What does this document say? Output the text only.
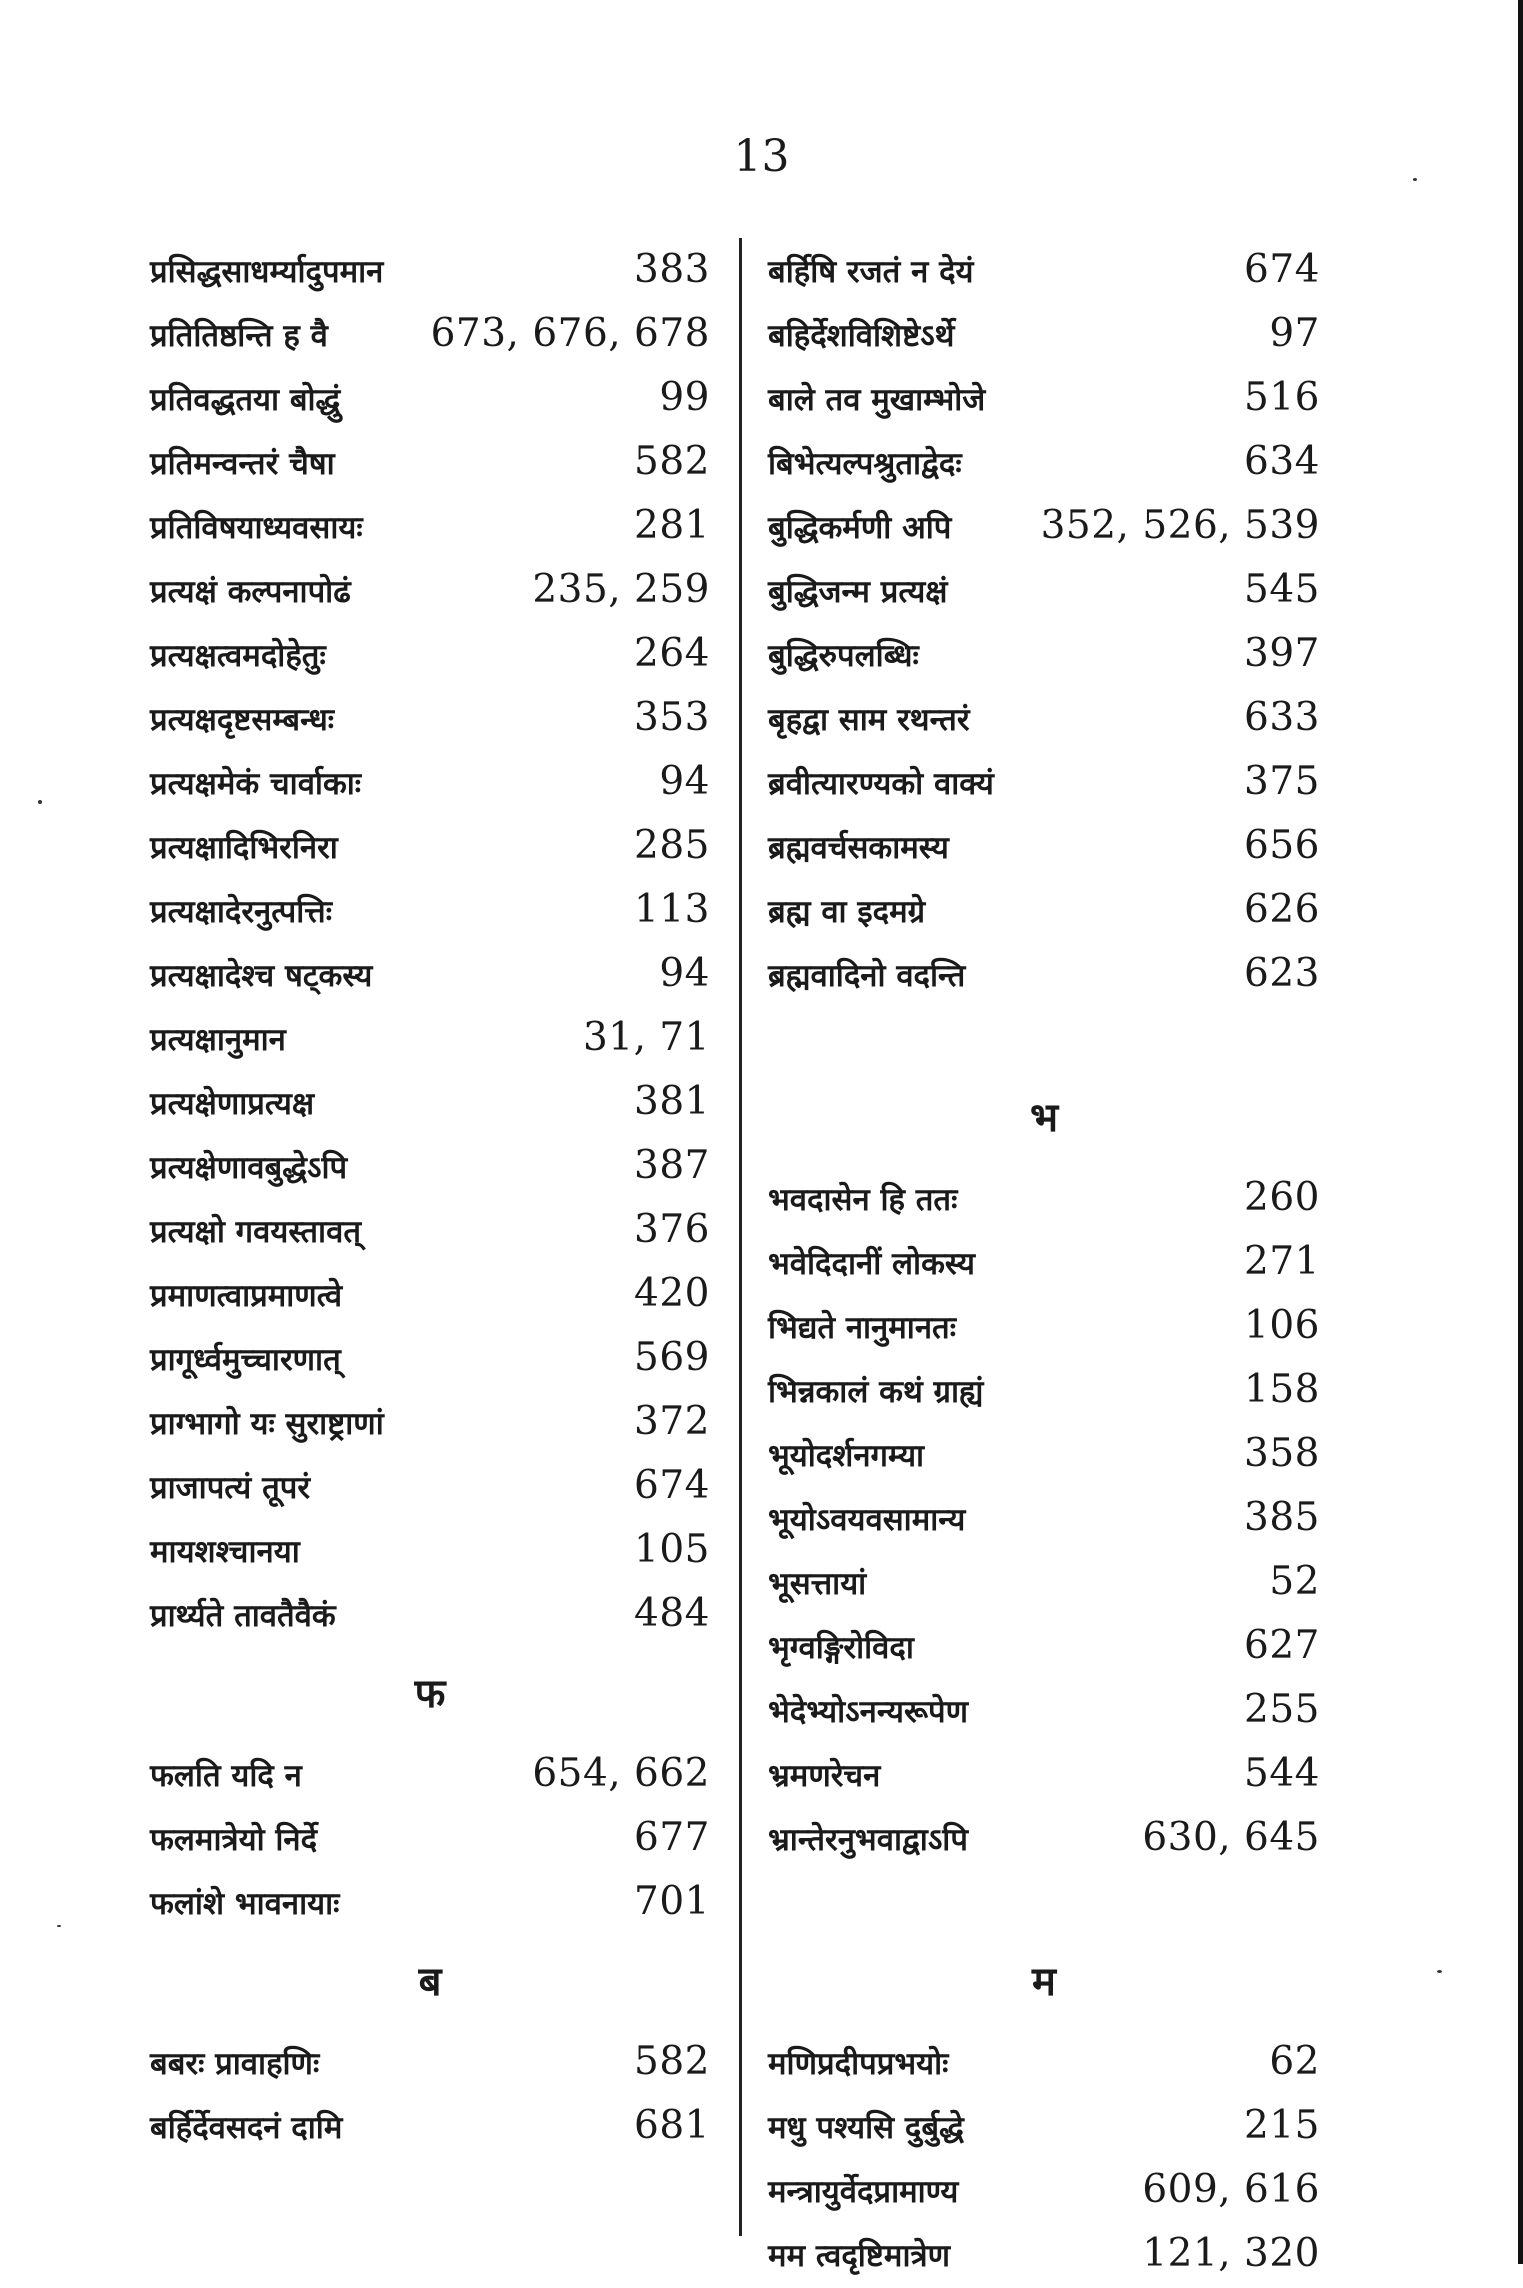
13
प्रसिद्धसाधर्म्यादुपमान	383
प्रतितिष्ठन्ति ह वै	673, 676, 678
प्रतिवद्धतया बोद्धुं	99
प्रतिमन्वन्तरं चैषा	582
प्रतिविषयाध्यवसायः	281
प्रत्यक्षं कल्पनापोढं	235, 259
प्रत्यक्षत्वमदोहेतुः	264
प्रत्यक्षदृष्टसम्बन्धः	353
प्रत्यक्षमेकं चार्वाकाः	94
प्रत्यक्षादिभिरनिरा	285
प्रत्यक्षादेरनुत्पत्तिः	113
प्रत्यक्षादेश्च षट्कस्य	94
प्रत्यक्षानुमान	31, 71
प्रत्यक्षेणाप्रत्यक्ष	381
प्रत्यक्षेणावबुद्धेऽपि	387
प्रत्यक्षो गवयस्तावत्	376
प्रमाणत्वाप्रमाणत्वे	420
प्रागूर्ध्वमुच्चारणात्	569
प्राग्भागो यः सुराष्ट्राणां	372
प्राजापत्यं तूपरं	674
मायशश्चानया	105
प्रार्थ्यते तावतैवैकं	484
फ
फलति यदि न	654, 662
फलमात्रेयो निर्दे	677
फलांशे भावनायाः	701
ब
बबरः प्रावाहणिः	582
बर्हिर्देवसदनं दामि	681
बर्हिषि रजतं न देयं	674
बहिर्देशविशिष्टेऽर्थे	97
बाले तव मुखाम्भोजे	516
बिभेत्यल्पश्रुताद्वेदः	634
बुद्धिकर्मणी अपि 352, 526, 539
बुद्धिजन्म प्रत्यक्षं	545
बुद्धिरुपलब्धिः	397
बृहद्वा साम रथन्तरं	633
ब्रवीत्यारण्यको वाक्यं	375
ब्रह्मवर्चसकामस्य	656
ब्रह्म वा इदमग्रे	626
ब्रह्मवादिनो वदन्ति	623
भ
भवदासेन हि ततः	260
भवेदिदानीं लोकस्य	271
भिद्यते नानुमानतः	106
भिन्नकालं कथं ग्राह्यं	158
भूयोदर्शनगम्या	358
भूयोऽवयवसामान्य	385
भूसत्तायां	52
भृग्वङ्गिरोविदा	627
भेदेभ्योऽनन्यरूपेण	255
भ्रमणरेचन	544
भ्रान्तेरनुभवाद्वाऽपि	630, 645
म
मणिप्रदीपप्रभयोः	62
मधु पश्यसि दुर्बुद्धे	215
मन्त्रायुर्वेदप्रामाण्य	609, 616
मम त्वदृष्टिमात्रेण	121, 320
